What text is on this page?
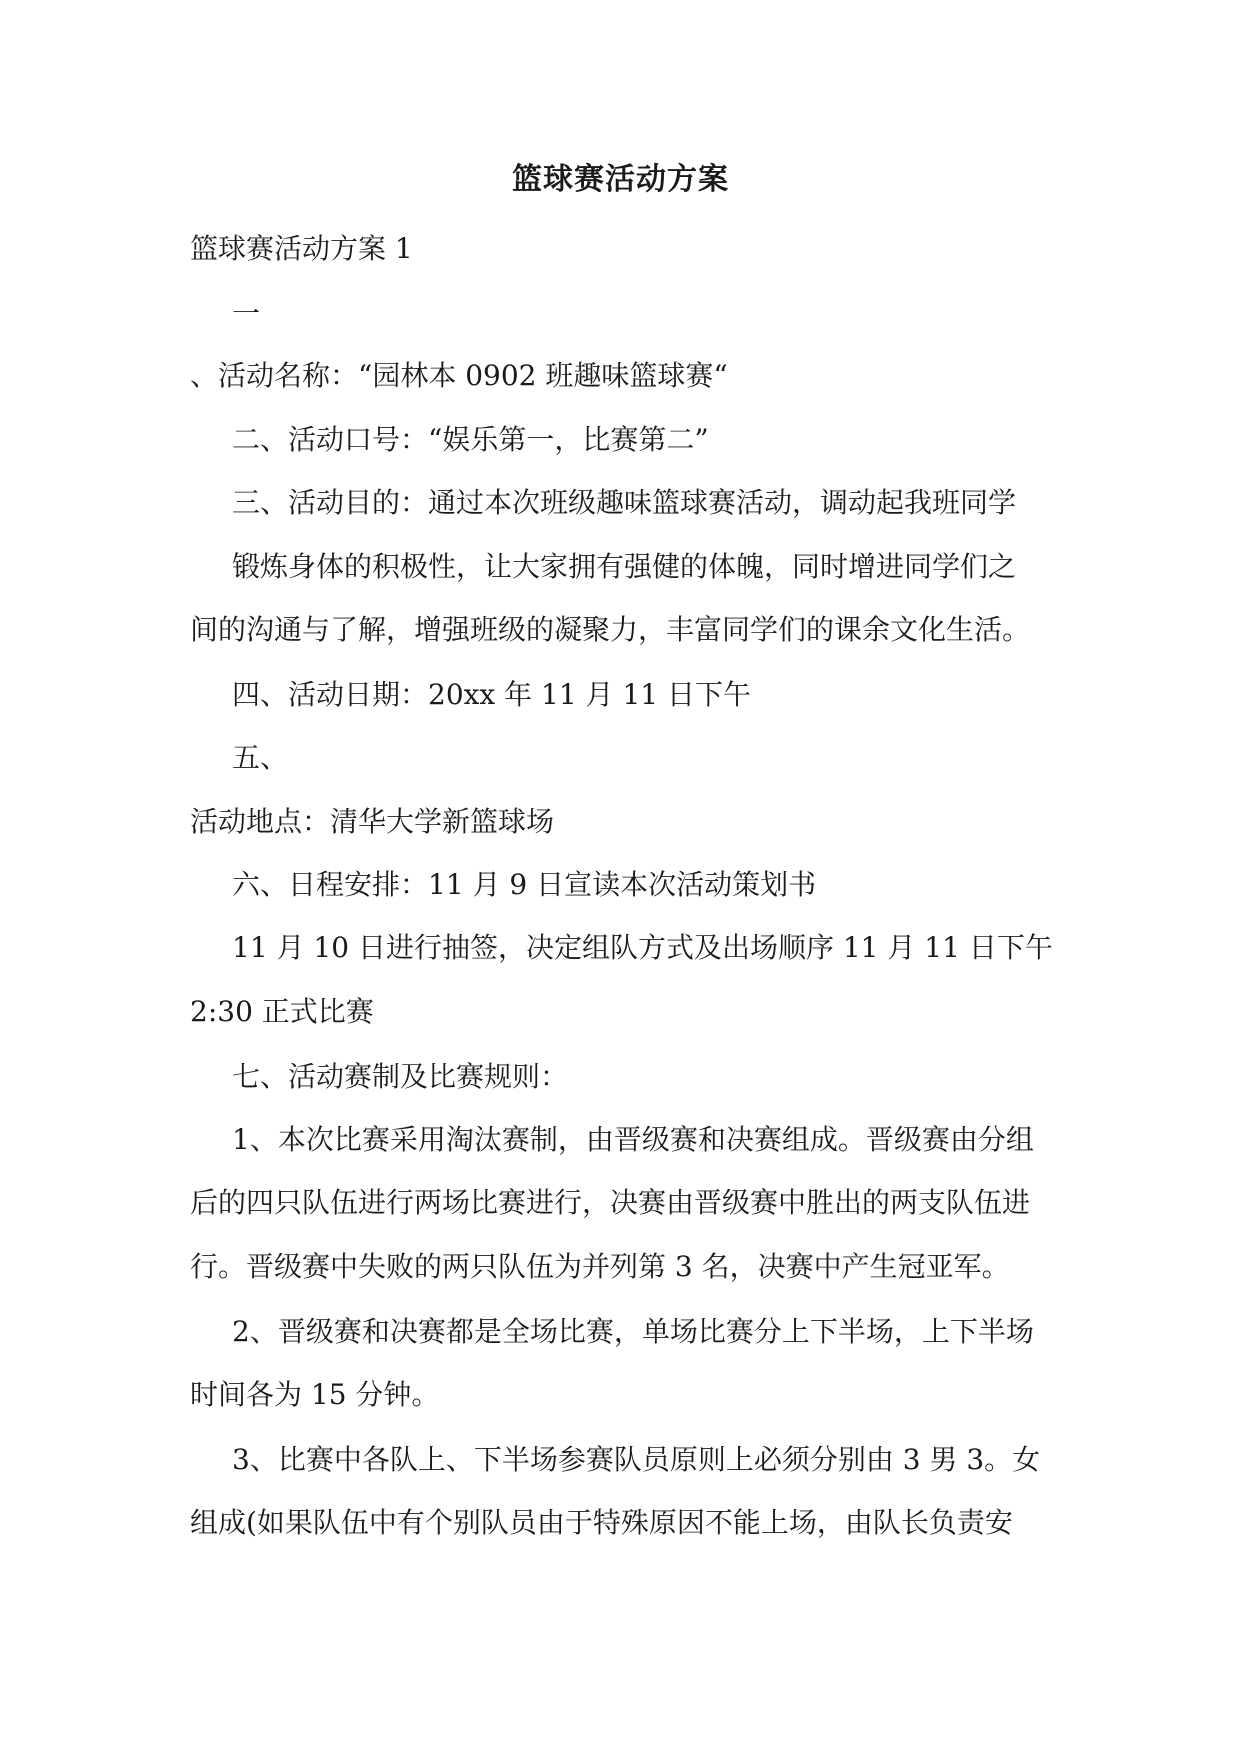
篮球赛活动方案
篮球赛活动方案 1
一
、活动名称：“园林本 0902 班趣味篮球赛“
二、活动口号：“娱乐第一，比赛第二”
三、活动目的：通过本次班级趣味篮球赛活动，调动起我班同学
锻炼身体的积极性，让大家拥有强健的体魄，同时增进同学们之
间的沟通与了解，增强班级的凝聚力，丰富同学们的课余文化生活。
四、活动日期：20xx 年 11 月 11 日下午
五、
活动地点：清华大学新篮球场
六、日程安排：11 月 9 日宣读本次活动策划书
11 月 10 日进行抽签，决定组队方式及出场顺序 11 月 11 日下午
2:30 正式比赛
七、活动赛制及比赛规则：
1、本次比赛采用淘汰赛制，由晋级赛和决赛组成。晋级赛由分组
后的四只队伍进行两场比赛进行，决赛由晋级赛中胜出的两支队伍进
行。晋级赛中失败的两只队伍为并列第 3 名，决赛中产生冠亚军。
2、晋级赛和决赛都是全场比赛，单场比赛分上下半场，上下半场
时间各为 15 分钟。
3、比赛中各队上、下半场参赛队员原则上必须分别由 3 男 3。女
组成(如果队伍中有个别队员由于特殊原因不能上场，由队长负责安
